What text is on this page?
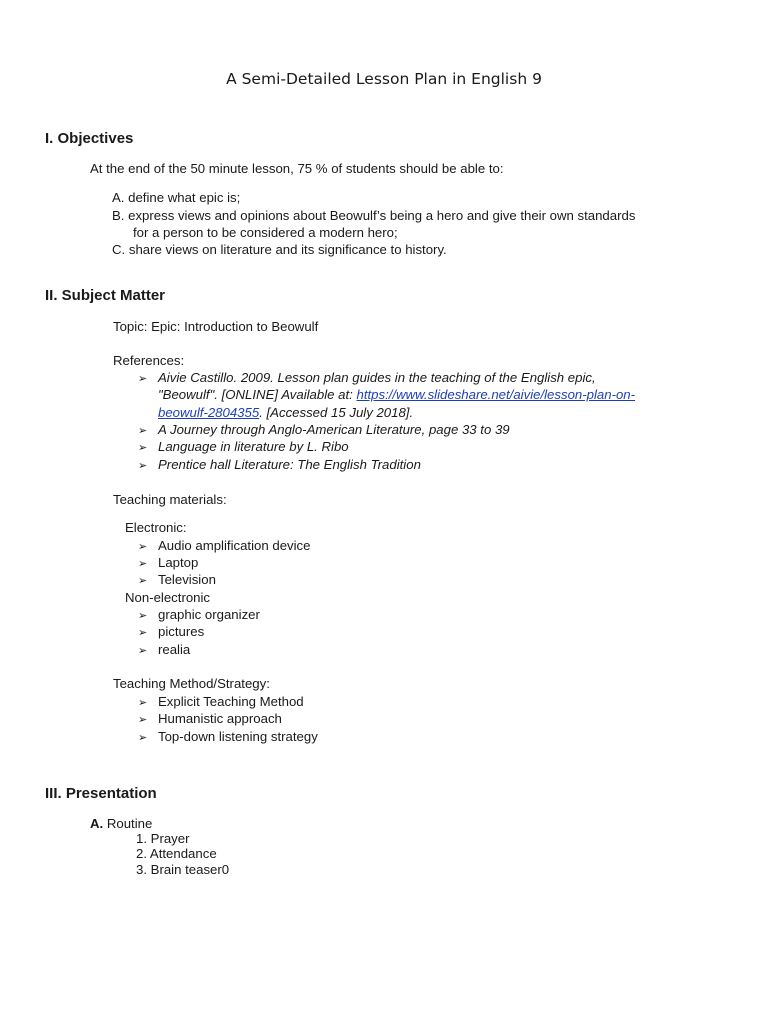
A Semi-Detailed Lesson Plan in English 9
I. Objectives
At the end of the 50 minute lesson, 75 % of students should be able to:
A. define what epic is;
B. express views and opinions about Beowulf’s being a hero and give their own standards
for a person to be considered a modern hero;
C. share views on literature and its significance to history.
II. Subject Matter
Topic: Epic: Introduction to Beowulf
References:
➢ Aivie Castillo. 2009. Lesson plan guides in the teaching of the English epic,
"Beowulf". [ONLINE] Available at: https://www.slideshare.net/aivie/lesson-plan-on-
beowulf-2804355. [Accessed 15 July 2018].
➢ A Journey through Anglo-American Literature, page 33 to 39
➢ Language in literature by L. Ribo
➢ Prentice hall Literature: The English Tradition
Teaching materials:
Electronic:
➢ Audio amplification device
➢ Laptop
➢ Television
Non-electronic
➢ graphic organizer
➢ pictures
➢ realia
Teaching Method/Strategy:
➢ Explicit Teaching Method
➢ Humanistic approach
➢ Top-down listening strategy
III. Presentation
A. Routine
1. Prayer
2. Attendance
3. Brain teaser0
